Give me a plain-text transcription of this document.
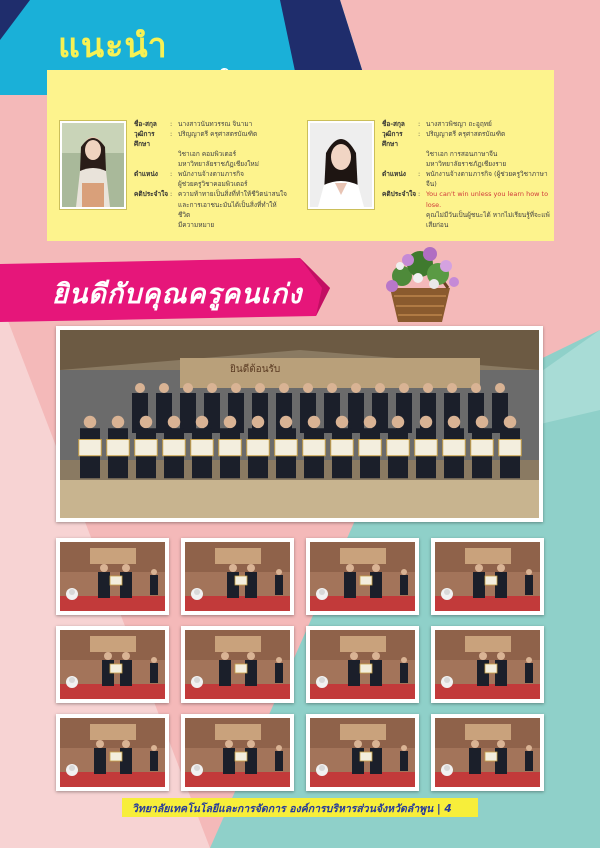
แนะนำ
ชื่อ-สกุล	: นางสาวนันทวรรณ จินามา
วุฒิการศึกษา
: ปริญญาตรี ครุศาสตรบัณฑิต
วิชาเอก คอมพิวเตอร์
มหาวิทยาลัยราชภัฏเชียงใหม่
ตำแหน่ง	: พนักงานจ้างตามภารกิจ
ผู้ช่วยครูวิชาคอมพิวเตอร์
คติประจำใจ : ความท้าทายเป็นสิ่งที่ทำให้ชีวิตน่าสนใจ
และการเอาชนะมันได้เป็นสิ่งที่ทำให้ชีวิต
มีความหมาย
ชื่อ-สกุล	: นางสาวพิชญา ถะอูฤทย์
วุฒิการศึกษา
: ปริญญาตรี ครุศาสตรบัณฑิต
วิชาเอก การสอนภาษาจีน
มหาวิทยาลัยราชภัฏเชียงราย
ตำแหน่ง	: พนักงานจ้างตามภารกิจ (ผู้ช่วยครูวิชาภาษาจีน)
คติประจำใจ : You can't win unless you learn how to lose.
คุณไม่มีวันเป็นผู้ชนะได้ หากไม่เรียนรู้ที่จะแพ้
เสียก่อน
ยินดีกับคุณครูคนเก่ง
ยินดีต้อนรับ
วิทยาลัยเทคโนโลยีและการจัดการ องค์การบริหารส่วนจังหวัดลำพูน | 4
